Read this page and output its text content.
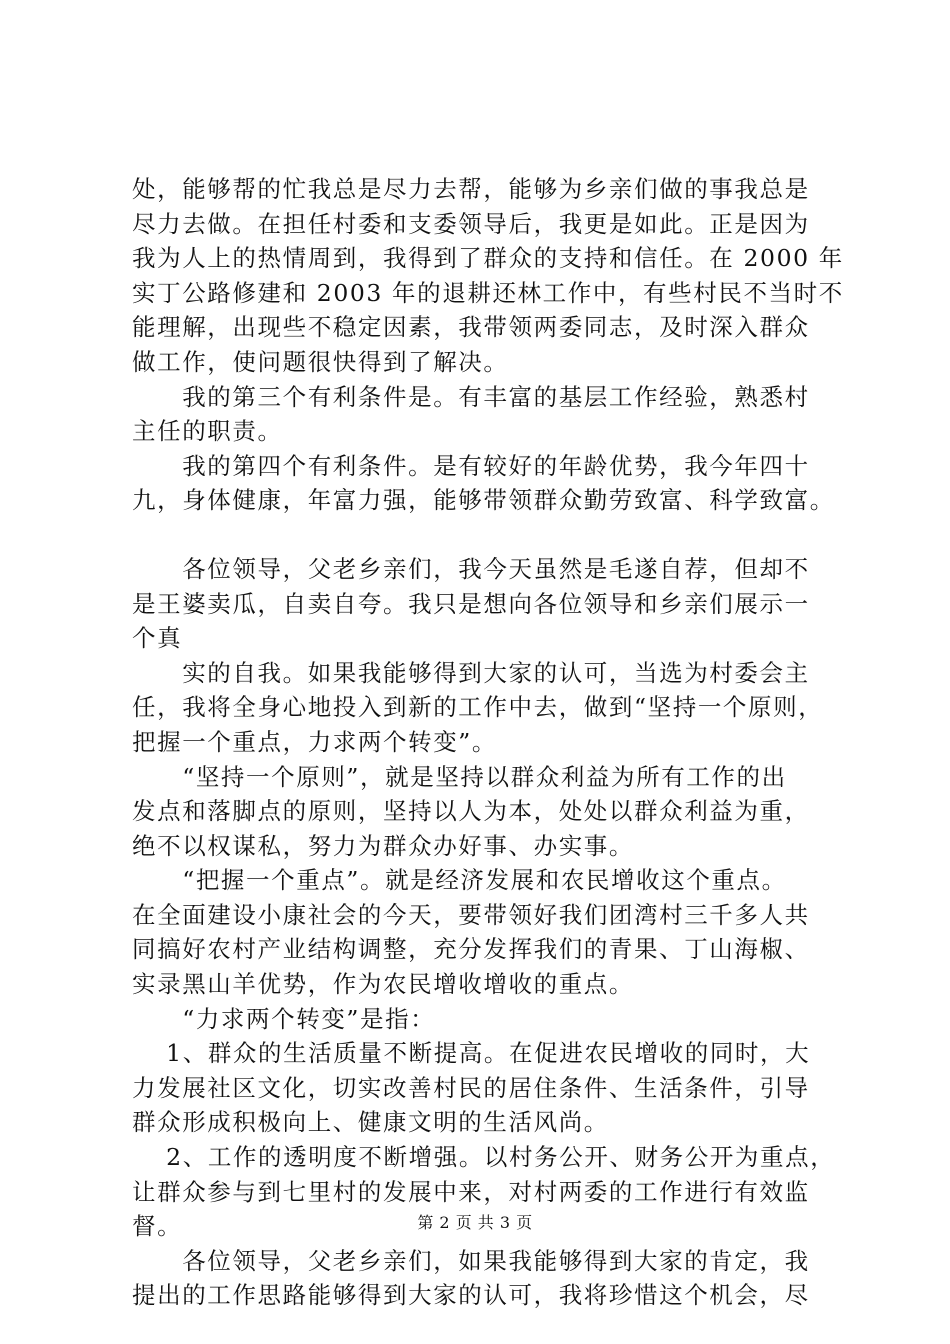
处，能够帮的忙我总是尽力去帮，能够为乡亲们做的事我总是
尽力去做。在担任村委和支委领导后，我更是如此。正是因为
我为人上的热情周到，我得到了群众的支持和信任。在 2000 年
实丁公路修建和 2003 年的退耕还林工作中，有些村民不当时不
能理解，出现些不稳定因素，我带领两委同志，及时深入群众
做工作，使问题很快得到了解决。
　　我的第三个有利条件是。有丰富的基层工作经验，熟悉村
主任的职责。
　　我的第四个有利条件。是有较好的年龄优势，我今年四十
九，身体健康，年富力强，能够带领群众勤劳致富、科学致富。
　　各位领导，父老乡亲们，我今天虽然是毛遂自荐，但却不
是王婆卖瓜，自卖自夸。我只是想向各位领导和乡亲们展示一
个真
　　实的自我。如果我能够得到大家的认可，当选为村委会主
任，我将全身心地投入到新的工作中去，做到“坚持一个原则，
把握一个重点，力求两个转变”。
　　“坚持一个原则”，就是坚持以群众利益为所有工作的出
发点和落脚点的原则，坚持以人为本，处处以群众利益为重，
绝不以权谋私，努力为群众办好事、办实事。
　　“把握一个重点”。就是经济发展和农民增收这个重点。
在全面建设小康社会的今天，要带领好我们团湾村三千多人共
同搞好农村产业结构调整，充分发挥我们的青果、丁山海椒、
实录黑山羊优势，作为农民增收增收的重点。
　　“力求两个转变”是指：
　 1、群众的生活质量不断提高。在促进农民增收的同时，大
力发展社区文化，切实改善村民的居住条件、生活条件，引导
群众形成积极向上、健康文明的生活风尚。
　 2、工作的透明度不断增强。以村务公开、财务公开为重点，
让群众参与到七里村的发展中来，对村两委的工作进行有效监
督。
　　各位领导，父老乡亲们，如果我能够得到大家的肯定，我
提出的工作思路能够得到大家的认可，我将珍惜这个机会，尽
第 2 页 共 3 页
